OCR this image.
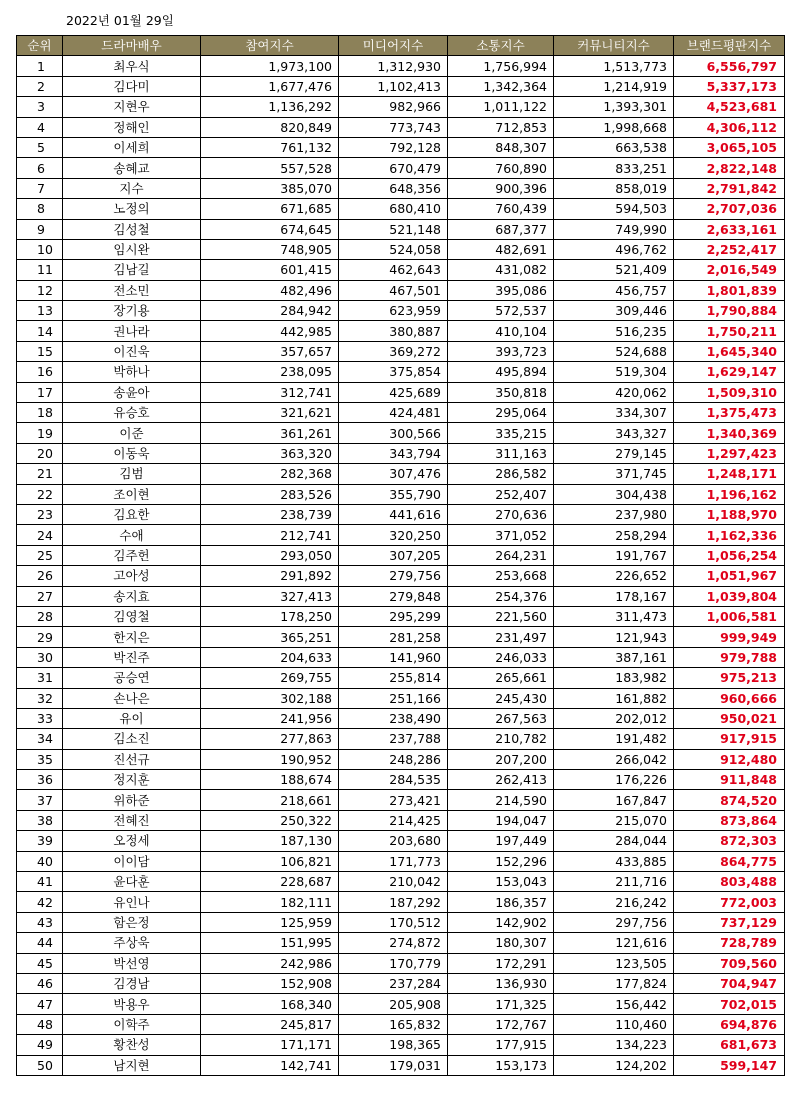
2022년 01월 29일
순위	드라마배우	참여지수	미디어지수	소통지수	커뮤니티지수	브랜드평판지수
1	최우식	1,973,100	1,312,930	1,756,994	1,513,773	6,556,797
2	김다미	1,677,476	1,102,413	1,342,364	1,214,919	5,337,173
3	지현우	1,136,292	982,966	1,011,122	1,393,301	4,523,681
4	정해인	820,849	773,743	712,853	1,998,668	4,306,112
5	이세희	761,132	792,128	848,307	663,538	3,065,105
6	송혜교	557,528	670,479	760,890	833,251	2,822,148
7	지수	385,070	648,356	900,396	858,019	2,791,842
8	노정의	671,685	680,410	760,439	594,503	2,707,036
9	김성철	674,645	521,148	687,377	749,990	2,633,161
10	임시완	748,905	524,058	482,691	496,762	2,252,417
11	김남길	601,415	462,643	431,082	521,409	2,016,549
12	전소민	482,496	467,501	395,086	456,757	1,801,839
13	장기용	284,942	623,959	572,537	309,446	1,790,884
14	권나라	442,985	380,887	410,104	516,235	1,750,211
15	이진욱	357,657	369,272	393,723	524,688	1,645,340
16	박하나	238,095	375,854	495,894	519,304	1,629,147
17	송윤아	312,741	425,689	350,818	420,062	1,509,310
18	유승호	321,621	424,481	295,064	334,307	1,375,473
19	이준	361,261	300,566	335,215	343,327	1,340,369
20	이동욱	363,320	343,794	311,163	279,145	1,297,423
21	김범	282,368	307,476	286,582	371,745	1,248,171
22	조이현	283,526	355,790	252,407	304,438	1,196,162
23	김요한	238,739	441,616	270,636	237,980	1,188,970
24	수애	212,741	320,250	371,052	258,294	1,162,336
25	김주헌	293,050	307,205	264,231	191,767	1,056,254
26	고아성	291,892	279,756	253,668	226,652	1,051,967
27	송지효	327,413	279,848	254,376	178,167	1,039,804
28	김영철	178,250	295,299	221,560	311,473	1,006,581
29	한지은	365,251	281,258	231,497	121,943	999,949
30	박진주	204,633	141,960	246,033	387,161	979,788
31	공승연	269,755	255,814	265,661	183,982	975,213
32	손나은	302,188	251,166	245,430	161,882	960,666
33	유이	241,956	238,490	267,563	202,012	950,021
34	김소진	277,863	237,788	210,782	191,482	917,915
35	진선규	190,952	248,286	207,200	266,042	912,480
36	정지훈	188,674	284,535	262,413	176,226	911,848
37	위하준	218,661	273,421	214,590	167,847	874,520
38	전혜진	250,322	214,425	194,047	215,070	873,864
39	오정세	187,130	203,680	197,449	284,044	872,303
40	이이담	106,821	171,773	152,296	433,885	864,775
41	윤다훈	228,687	210,042	153,043	211,716	803,488
42	유인나	182,111	187,292	186,357	216,242	772,003
43	함은정	125,959	170,512	142,902	297,756	737,129
44	주상욱	151,995	274,872	180,307	121,616	728,789
45	박선영	242,986	170,779	172,291	123,505	709,560
46	김경남	152,908	237,284	136,930	177,824	704,947
47	박용우	168,340	205,908	171,325	156,442	702,015
48	이학주	245,817	165,832	172,767	110,460	694,876
49	황찬성	171,171	198,365	177,915	134,223	681,673
50	남지현	142,741	179,031	153,173	124,202	599,147
